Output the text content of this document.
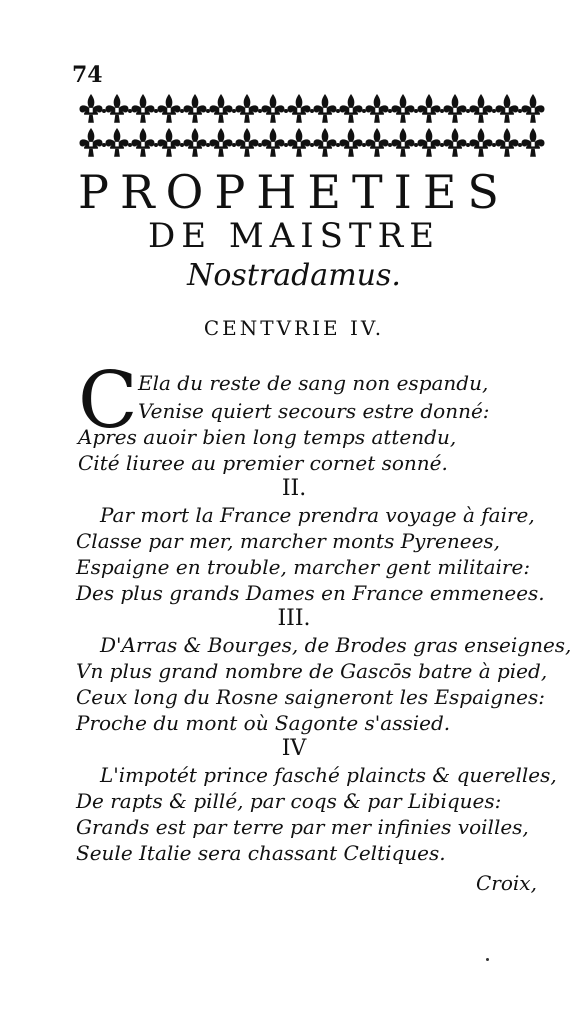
74
PROPHETIES
DE MAISTRE
Nostradamus.
CENTVRIE IV.
C Ela du reste de sang non espandu,
Venise quiert secours estre donné:
Apres auoir bien long temps attendu,
Cité liuree au premier cornet sonné.
II.
Par mort la France prendra voyage à faire,
Classe par mer, marcher monts Pyrenees,
Espaigne en trouble, marcher gent militaire:
Des plus grands Dames en France emmenees.
III.
D'Arras & Bourges, de Brodes gras enseignes,
Vn plus grand nombre de Gascōs batre à pied,
Ceux long du Rosne saigneront les Espaignes:
Proche du mont où Sagonte s'assied.
IV
L'impotét prince fasché plaincts & querelles,
De rapts & pillé, par coqs & par Libiques:
Grands est par terre par mer infinies voilles,
Seule Italie sera chassant Celtiques.
Croix,
